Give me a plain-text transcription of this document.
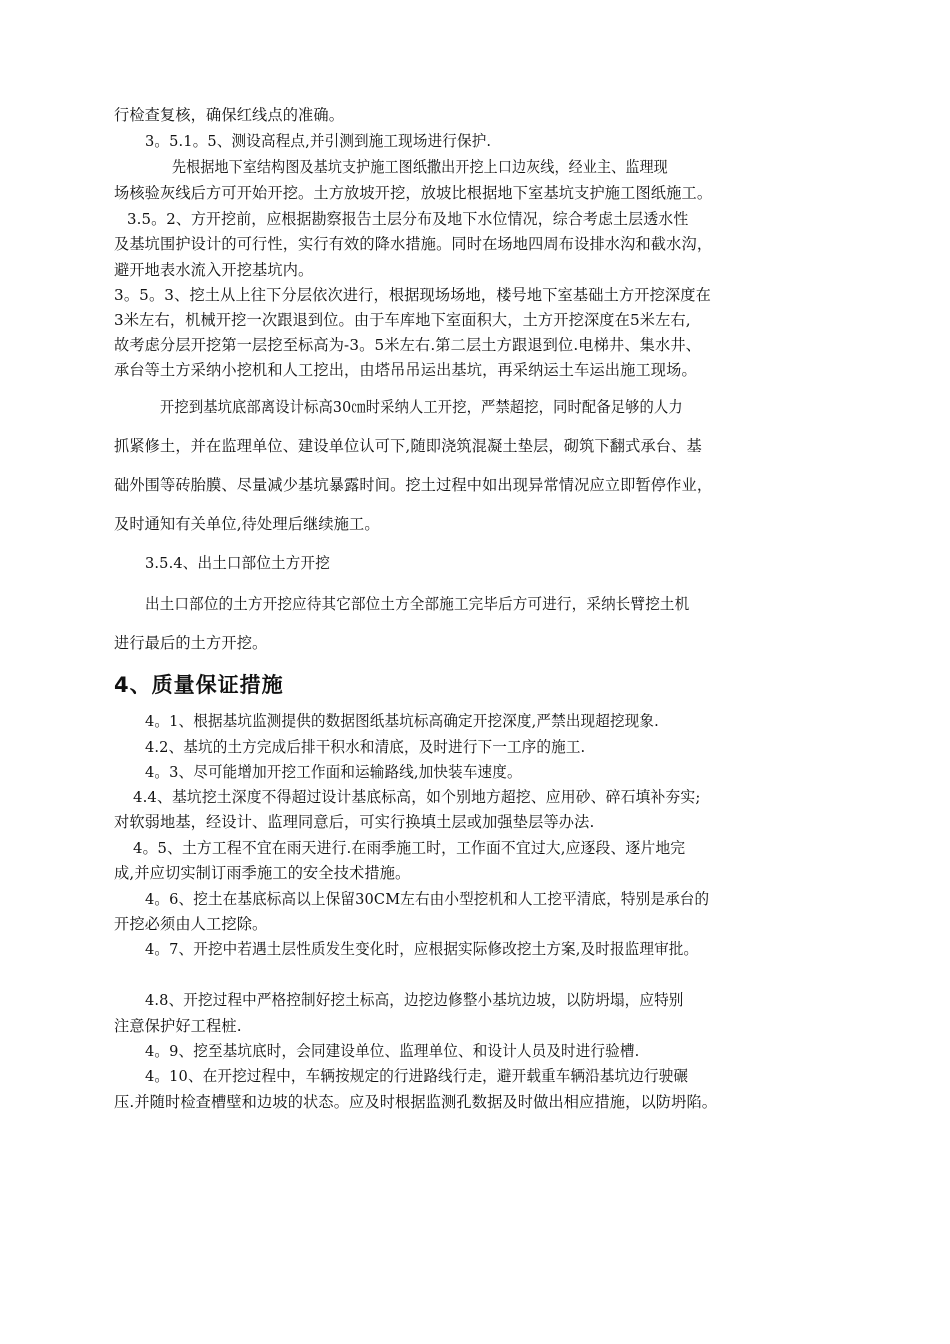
行检查复核，确保红线点的准确。
3。5.1。5、测设高程点,并引测到施工现场进行保护.
先根据地下室结构图及基坑支护施工图纸撒出开挖上口边灰线，经业主、监理现
场核验灰线后方可开始开挖。土方放坡开挖，放坡比根据地下室基坑支护施工图纸施工。
3.5。2、方开挖前，应根据勘察报告土层分布及地下水位情况，综合考虑土层透水性
及基坑围护设计的可行性，实行有效的降水措施。同时在场地四周布设排水沟和截水沟，
避开地表水流入开挖基坑内。
3。5。3、挖土从上往下分层依次进行，根据现场场地，楼号地下室基础土方开挖深度在
3米左右，机械开挖一次跟退到位。由于车库地下室面积大，土方开挖深度在5米左右,
故考虑分层开挖第一层挖至标高为-3。5米左右.第二层土方跟退到位.电梯井、集水井、
承台等土方采纳小挖机和人工挖出，由塔吊吊运出基坑，再采纳运土车运出施工现场。
开挖到基坑底部离设计标高30㎝时采纳人工开挖，严禁超挖，同时配备足够的人力
抓紧修土，并在监理单位、建设单位认可下,随即浇筑混凝土垫层，砌筑下翻式承台、基
础外围等砖胎膜、尽量减少基坑暴露时间。挖土过程中如出现异常情况应立即暂停作业，
及时通知有关单位,待处理后继续施工。
3.5.4、出土口部位土方开挖
出土口部位的土方开挖应待其它部位土方全部施工完毕后方可进行，采纳长臂挖土机
进行最后的土方开挖。
4、质量保证措施
4。1、根据基坑监测提供的数据图纸基坑标高确定开挖深度,严禁出现超挖现象.
4.2、基坑的土方完成后排干积水和清底，及时进行下一工序的施工.
4。3、尽可能增加开挖工作面和运输路线,加快装车速度。
4.4、基坑挖土深度不得超过设计基底标高，如个别地方超挖、应用砂、碎石填补夯实;
对软弱地基，经设计、监理同意后，可实行换填土层或加强垫层等办法.
4。5、土方工程不宜在雨天进行.在雨季施工时，工作面不宜过大,应逐段、逐片地完
成,并应切实制订雨季施工的安全技术措施。
4。6、挖土在基底标高以上保留30CM左右由小型挖机和人工挖平清底，特别是承台的
开挖必须由人工挖除。
4。7、开挖中若遇土层性质发生变化时，应根据实际修改挖土方案,及时报监理审批。
4.8、开挖过程中严格控制好挖土标高，边挖边修整小基坑边坡，以防坍塌，应特别
注意保护好工程桩.
4。9、挖至基坑底时，会同建设单位、监理单位、和设计人员及时进行验槽.
4。10、在开挖过程中，车辆按规定的行进路线行走，避开载重车辆沿基坑边行驶碾
压.并随时检查槽壁和边坡的状态。应及时根据监测孔数据及时做出相应措施，以防坍陷。
